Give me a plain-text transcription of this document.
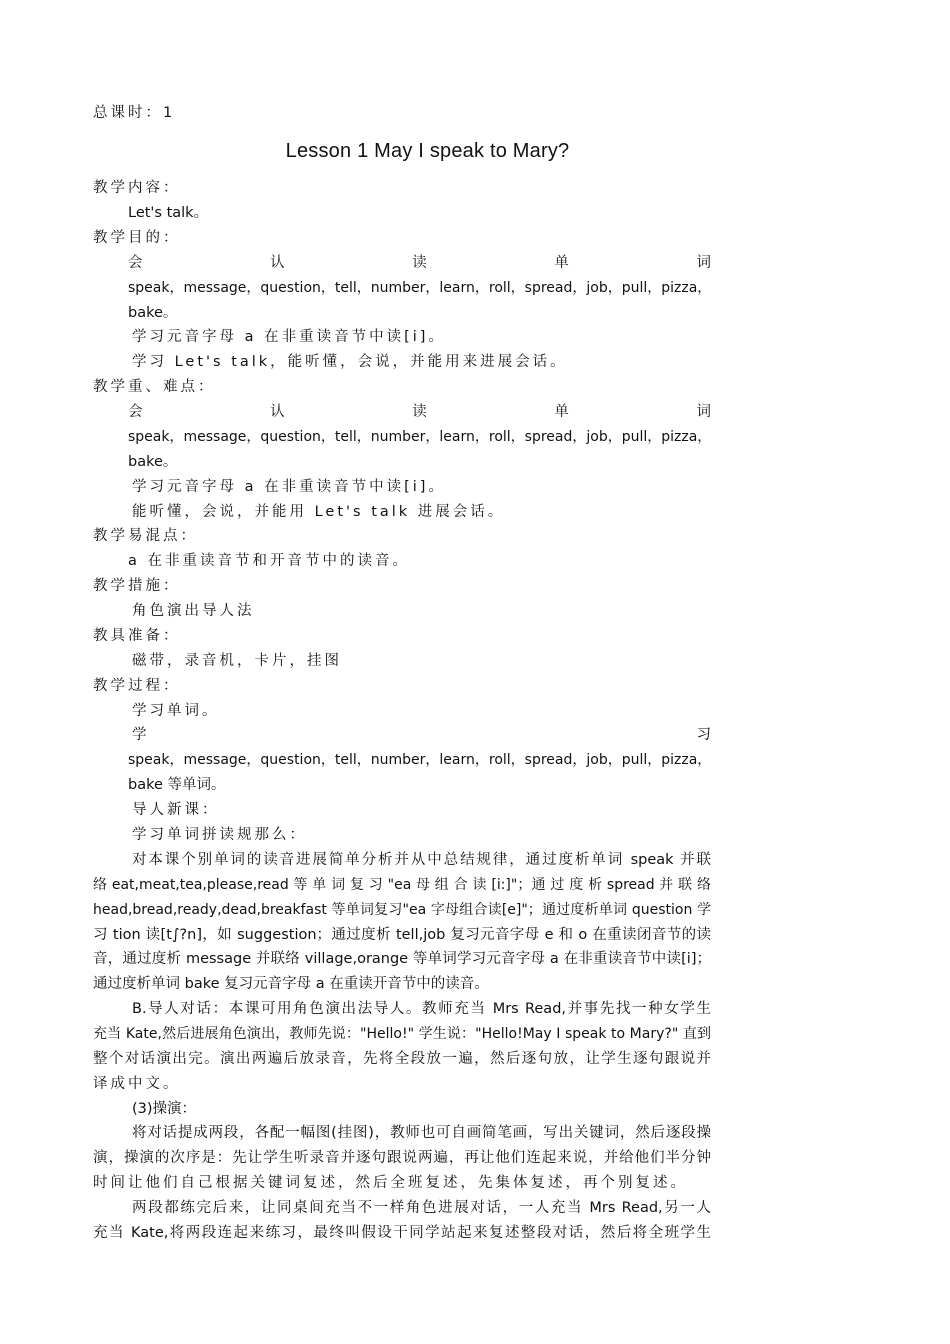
总课时：1
Lesson 1 May I speak to Mary?
教学内容：
Let's talk。
教学目的：
会	认	读	单	词
speak，message，question，tell，number，learn，roll，spread，job，pull，pizza，
bake。
学习元音字母 a 在非重读音节中读[i]。
学习 Let's talk，能听懂，会说，并能用来进展会话。
教学重、难点：
会	认	读	单	词
speak，message，question，tell，number，learn，roll，spread，job，pull，pizza，
bake。
学习元音字母 a 在非重读音节中读[i]。
能听懂，会说，并能用 Let's talk 进展会话。
教学易混点：
a 在非重读音节和开音节中的读音。
教学措施：
角色演出导人法
教具准备：
磁带，录音机，卡片，挂图
教学过程：
学习单词。
学	习
speak，message，question，tell，number，learn，roll，spread，job，pull，pizza，
bake 等单词。
导人新课：
学习单词拼读规那么：
对本课个别单词的读音进展简单分析并从中总结规律，通过度析单词 speak 并联
络 eat,meat,tea,please,read 等 单 词 复 习 "ea 母 组 合 读 [i:]"；通 过 度 析 spread 并 联 络
head,bread,ready,dead,breakfast 等单词复习"ea 字母组合读[e]"；通过度析单词 question 学
习 tion 读[t∫?n]，如 suggestion；通过度析 tell,job 复习元音字母 e 和 o 在重读闭音节的读
音，通过度析 message 并联络 village,orange 等单词学习元音字母 a 在非重读音节中读[i]；
通过度析单词 bake 复习元音字母 a 在重读开音节中的读音。
B.导人对话：本课可用角色演出法导人。教师充当 Mrs Read,并事先找一种女学生
充当 Kate,然后进展角色演出，教师先说："Hello!" 学生说："Hello!May I speak to Mary?" 直到
整个对话演出完。演出两遍后放录音，先将全段放一遍，然后逐句放，让学生逐句跟说并
译成中文。
(3)操演：
将对话提成两段，各配一幅图(挂图)，教师也可自画简笔画，写出关键词，然后逐段操
演，操演的次序是：先让学生听录音并逐句跟说两遍，再让他们连起来说，并给他们半分钟
时间让他们自己根据关键词复述，然后全班复述，先集体复述，再个别复述。
两段都练完后来，让同桌间充当不一样角色进展对话，一人充当 Mrs Read,另一人
充当 Kate,将两段连起来练习，最终叫假设干同学站起来复述整段对话，然后将全班学生
